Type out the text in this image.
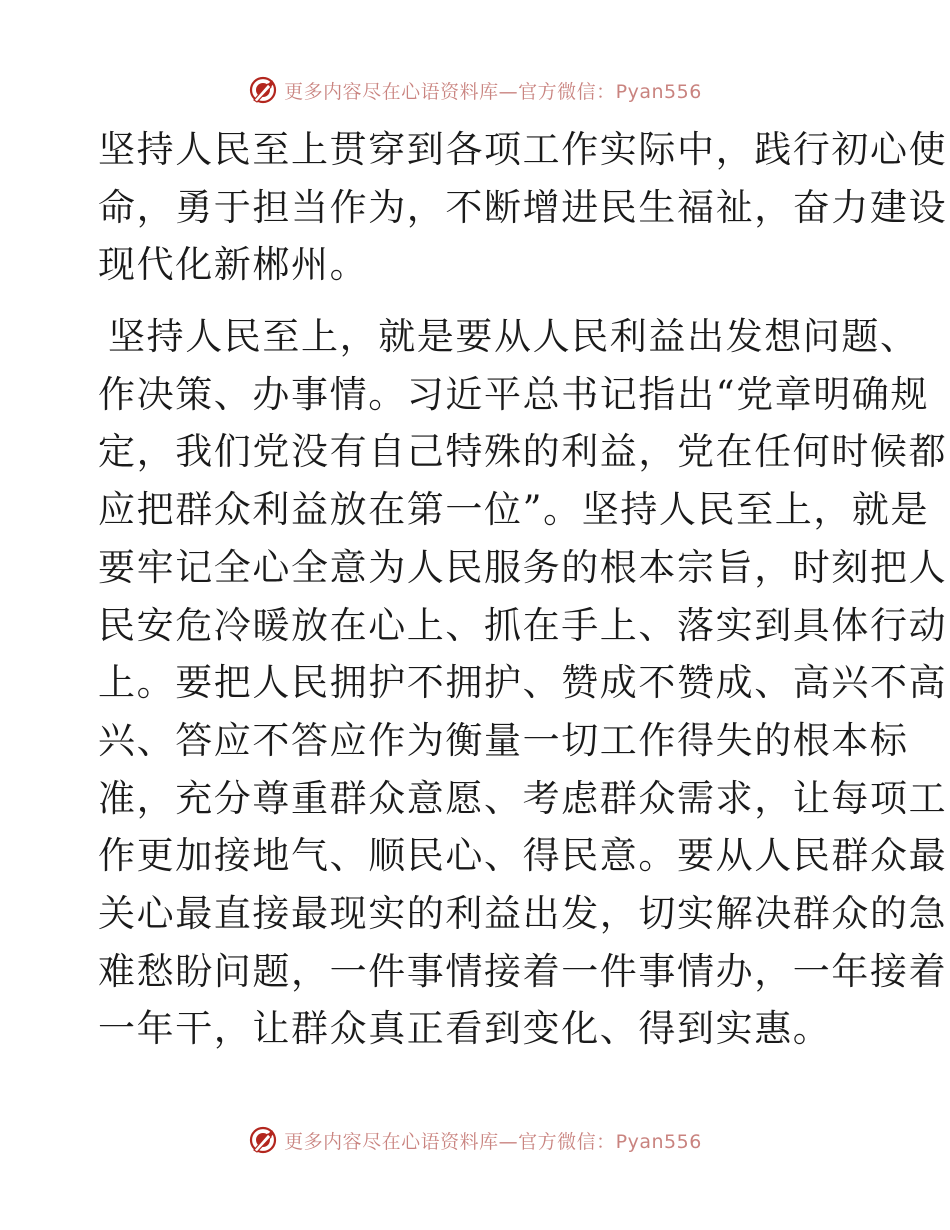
更多内容尽在心语资料库—官方微信：Pyan556
坚持人民至上贯穿到各项工作实际中，践行初心使
命，勇于担当作为，不断增进民生福祉，奋力建设
现代化新郴州。
坚持人民至上，就是要从人民利益出发想问题、
作决策、办事情。习近平总书记指出“党章明确规
定，我们党没有自己特殊的利益，党在任何时候都
应把群众利益放在第一位”。坚持人民至上，就是
要牢记全心全意为人民服务的根本宗旨，时刻把人
民安危冷暖放在心上、抓在手上、落实到具体行动
上。要把人民拥护不拥护、赞成不赞成、高兴不高
兴、答应不答应作为衡量一切工作得失的根本标
准，充分尊重群众意愿、考虑群众需求，让每项工
作更加接地气、顺民心、得民意。要从人民群众最
关心最直接最现实的利益出发，切实解决群众的急
难愁盼问题，一件事情接着一件事情办，一年接着
一年干，让群众真正看到变化、得到实惠。
更多内容尽在心语资料库—官方微信：Pyan556
